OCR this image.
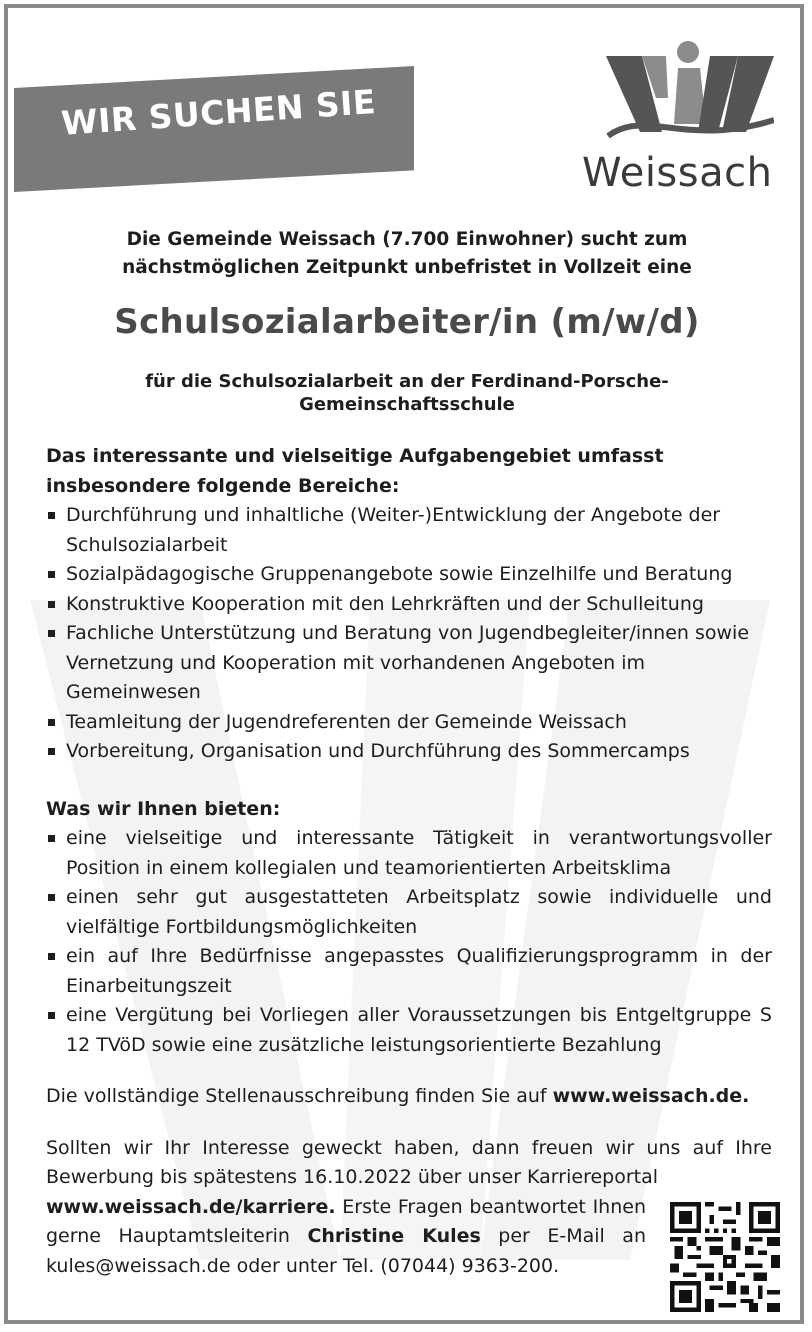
WIR SUCHEN SIE
Weissach
Die Gemeinde Weissach (7.700 Einwohner) sucht zum
nächstmöglichen Zeitpunkt unbefristet in Vollzeit eine
Schulsozialarbeiter/in (m/w/d)
für die Schulsozialarbeit an der Ferdinand-Porsche-
Gemeinschaftsschule
Das interessante und vielseitige Aufgabengebiet umfasst insbesondere folgende Bereiche:
Durchführung und inhaltliche (Weiter-)Entwicklung der Angebote der Schulsozialarbeit
Sozialpädagogische Gruppenangebote sowie Einzelhilfe und Beratung
Konstruktive Kooperation mit den Lehrkräften und der Schulleitung
Fachliche Unterstützung und Beratung von Jugendbegleiter/innen sowie Vernetzung und Kooperation mit vorhandenen Angeboten im Gemeinwesen
Teamleitung der Jugendreferenten der Gemeinde Weissach
Vorbereitung, Organisation und Durchführung des Sommercamps
Was wir Ihnen bieten:
eine vielseitige und interessante Tätigkeit in verantwortungsvoller Position in einem kollegialen und teamorientierten Arbeitsklima
einen sehr gut ausgestatteten Arbeitsplatz sowie individuelle und vielfältige Fortbildungsmöglichkeiten
ein auf Ihre Bedürfnisse angepasstes Qualifizierungsprogramm in der Einarbeitungszeit
eine Vergütung bei Vorliegen aller Voraussetzungen bis Entgeltgruppe S 12 TVöD sowie eine zusätzliche leistungsorientierte Bezahlung
Die vollständige Stellenausschreibung finden Sie auf www.weissach.de.
Sollten wir Ihr Interesse geweckt haben, dann freuen wir uns auf Ihre Bewerbung bis spätestens 16.10.2022 über unser Karriereportal
www.weissach.de/karriere. Erste Fragen beantwortet Ihnen gerne Hauptamtsleiterin Christine Kules per E-Mail an kules@weissach.de oder unter Tel. (07044) 9363-200.
